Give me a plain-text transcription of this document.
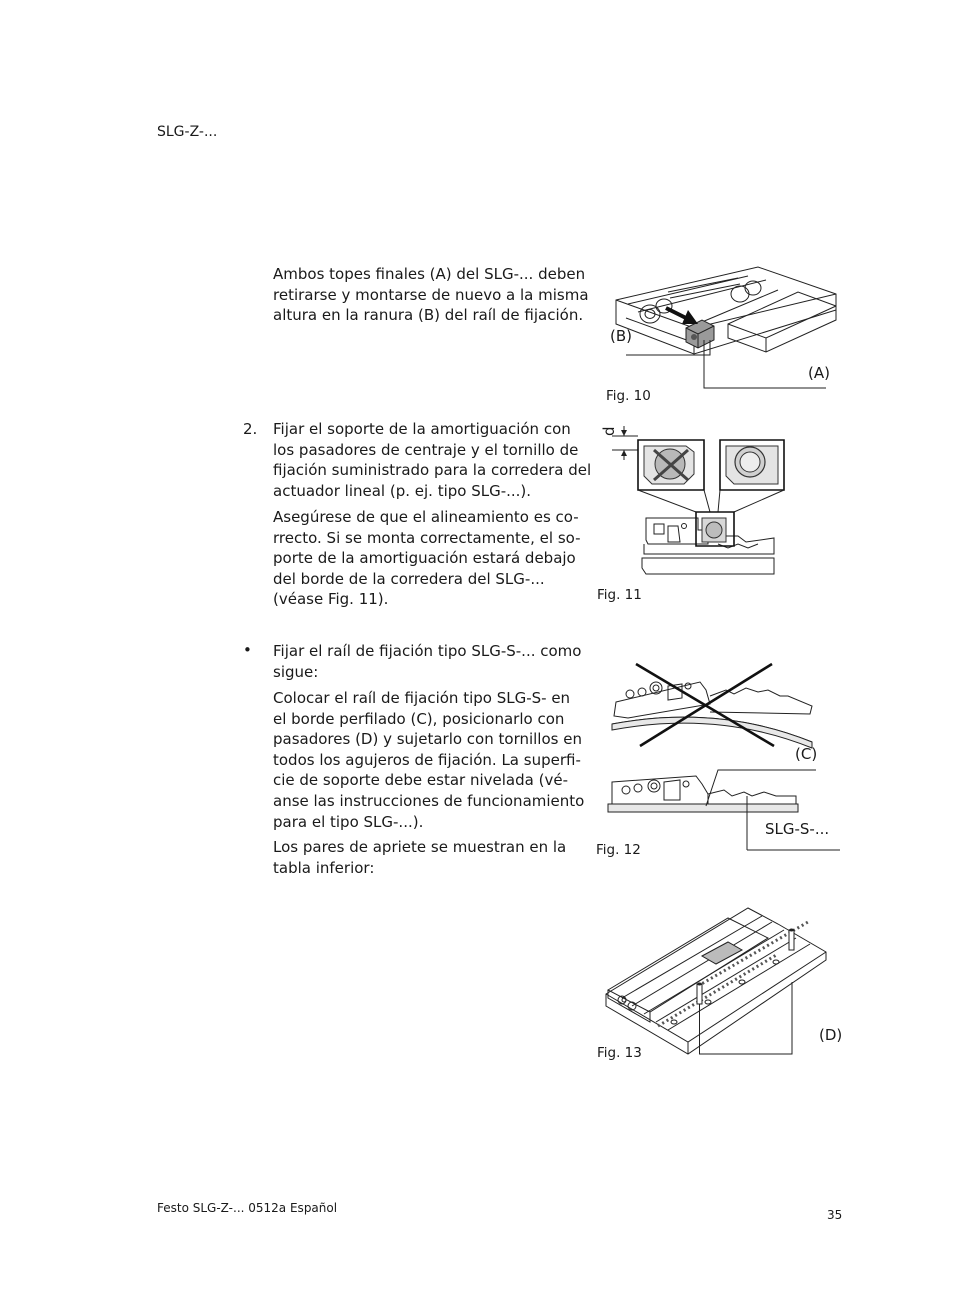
SLG-Z-...

Ambos topes finales (A) del SLG-... deben

retirarse y montarse de nuevo a la misma

altura en la ranura (B) del raíl de fijación.

2. Fijar el soporte de la amortiguación con

los pasadores de centraje y el tornillo de

fijación suministrado para la corredera del

actuador lineal (p. ej. tipo SLG-...).

Asegúrese de que el alineamiento es co-

rrecto. Si se monta correctamente, el so-

porte de la amortiguación estará debajo

del borde de la corredera del SLG-...

(véase Fig. 11).

• Fijar el raíl de fijación tipo SLG-S-... como

sigue:

Colocar el raíl de fijación tipo SLG-S- en

el borde perfilado (C), posicionarlo con

pasadores (D) y sujetarlo con tornillos en

todos los agujeros de fijación. La superfi-

cie de soporte debe estar nivelada (vé-

anse las instrucciones de funcionamiento

para el tipo SLG-...).

Los pares de apriete se muestran en la

tabla inferior:

(B)
(A)
Fig. 10
d
Fig. 11
(C)
SLG-S-...
Fig. 12
(D)
Fig. 13
Festo SLG-Z-... 0512a Español	35
